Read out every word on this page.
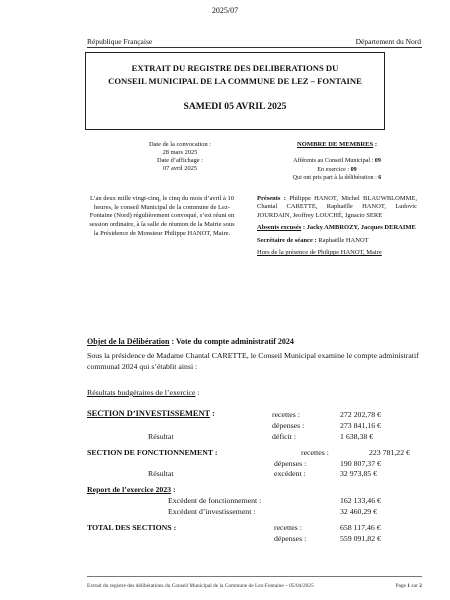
2025/07
République Française	Département du Nord
EXTRAIT DU REGISTRE DES DELIBERATIONS DU
CONSEIL MUNICIPAL DE LA COMMUNE DE LEZ – FONTAINE
SAMEDI 05 AVRIL 2025
Date de la convocation :
28 mars 2025
Date d’affichage :
07 avril 2025
NOMBRE DE MEMBRES :
Afférents au Conseil Municipal : 09
En exercice : 09
Qui ont pris part à la délibération : 6
L’an deux mille vingt-cinq, le cinq du mois d’avril à 10 heures, le conseil Municipal de la commune de Lez-Fontaine (Nord) régulièrement convoqué, s’est réuni en session ordinaire, à la salle de réunion de la Mairie sous la Présidence de Monsieur Philippe HANOT, Maire.

Présents : Philippe HANOT, Michel BLAUWBLOMME, Chantal CARETTE, Raphaëlle HANOT, Ludovic JOURDAIN, Jeoffrey LOUCHÉ, Ignacio SERE

Absents excusés : Jacky AMBROZY, Jacques DERAIME

Secrétaire de séance : Raphaëlle HANOT

Hors de la présence de Philippe HANOT, Maire

Objet de la Délibération : Vote du compte administratif 2024
Sous la présidence de Madame Chantal CARETTE, le Conseil Municipal examine le compte administratif communal 2024 qui s’établit ainsi :
Résultats budgétaires de l’exercice :
SECTION D’INVESTISSEMENT :	recettes :	272 202,78 €
dépenses :	273 841,16 €
Résultat	déficit :	1 638,38 €
SECTION DE FONCTIONNEMENT :	recettes :	223 781,22 €
dépenses :	190 807,37 €
Résultat	excédent :	32 973,85 €
Report de l’exercice 2023 :
Excédent de fonctionnement :	162 133,46 €
Excédent d’investissement :	32 460,29 €
TOTAL DES SECTIONS :	recettes :	658 117,46 €
dépenses :	559 091,82 €
Extrait du registre des délibérations du Conseil Municipal de la Commune de Lez-Fontaine – 05/04/2025	Page 1 sur 2
